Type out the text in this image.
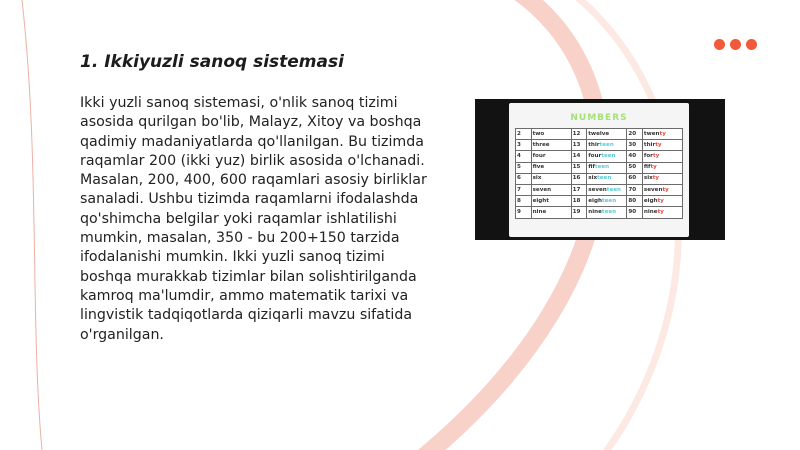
1. Ikkiyuzli sanoq sistemasi

Ikki yuzli sanoq sistemasi, o'nlik sanoq tizimi asosida qurilgan bo'lib, Malayz, Xitoy va boshqa qadimiy madaniyatlarda qo'llanilgan. Bu tizimda raqamlar 200 (ikki yuz) birlik asosida o'lchanadi. Masalan, 200, 400, 600 raqamlari asosiy birliklar sanaladi. Ushbu tizimda raqamlarni ifodalashda qo'shimcha belgilar yoki raqamlar ishlatilishi mumkin, masalan, 350 - bu 200+150 tarzida ifodalanishi mumkin. Ikki yuzli sanoq tizimi boshqa murakkab tizimlar bilan solishtirilganda kamroq ma'lumdir, ammo matematik tarixi va lingvistik tadqiqotlarda qiziqarli mavzu sifatida o'rganilgan.

NUMBERS
2	two	12	twelve	20	twenty
3	three	13	thirteen	30	thirty
4	four	14	fourteen	40	forty
5	five	15	fifteen	50	fifty
6	six	16	sixteen	60	sixty
7	seven	17	seventeen	70	seventy
8	eight	18	eighteen	80	eighty
9	nine	19	nineteen	90	ninety
